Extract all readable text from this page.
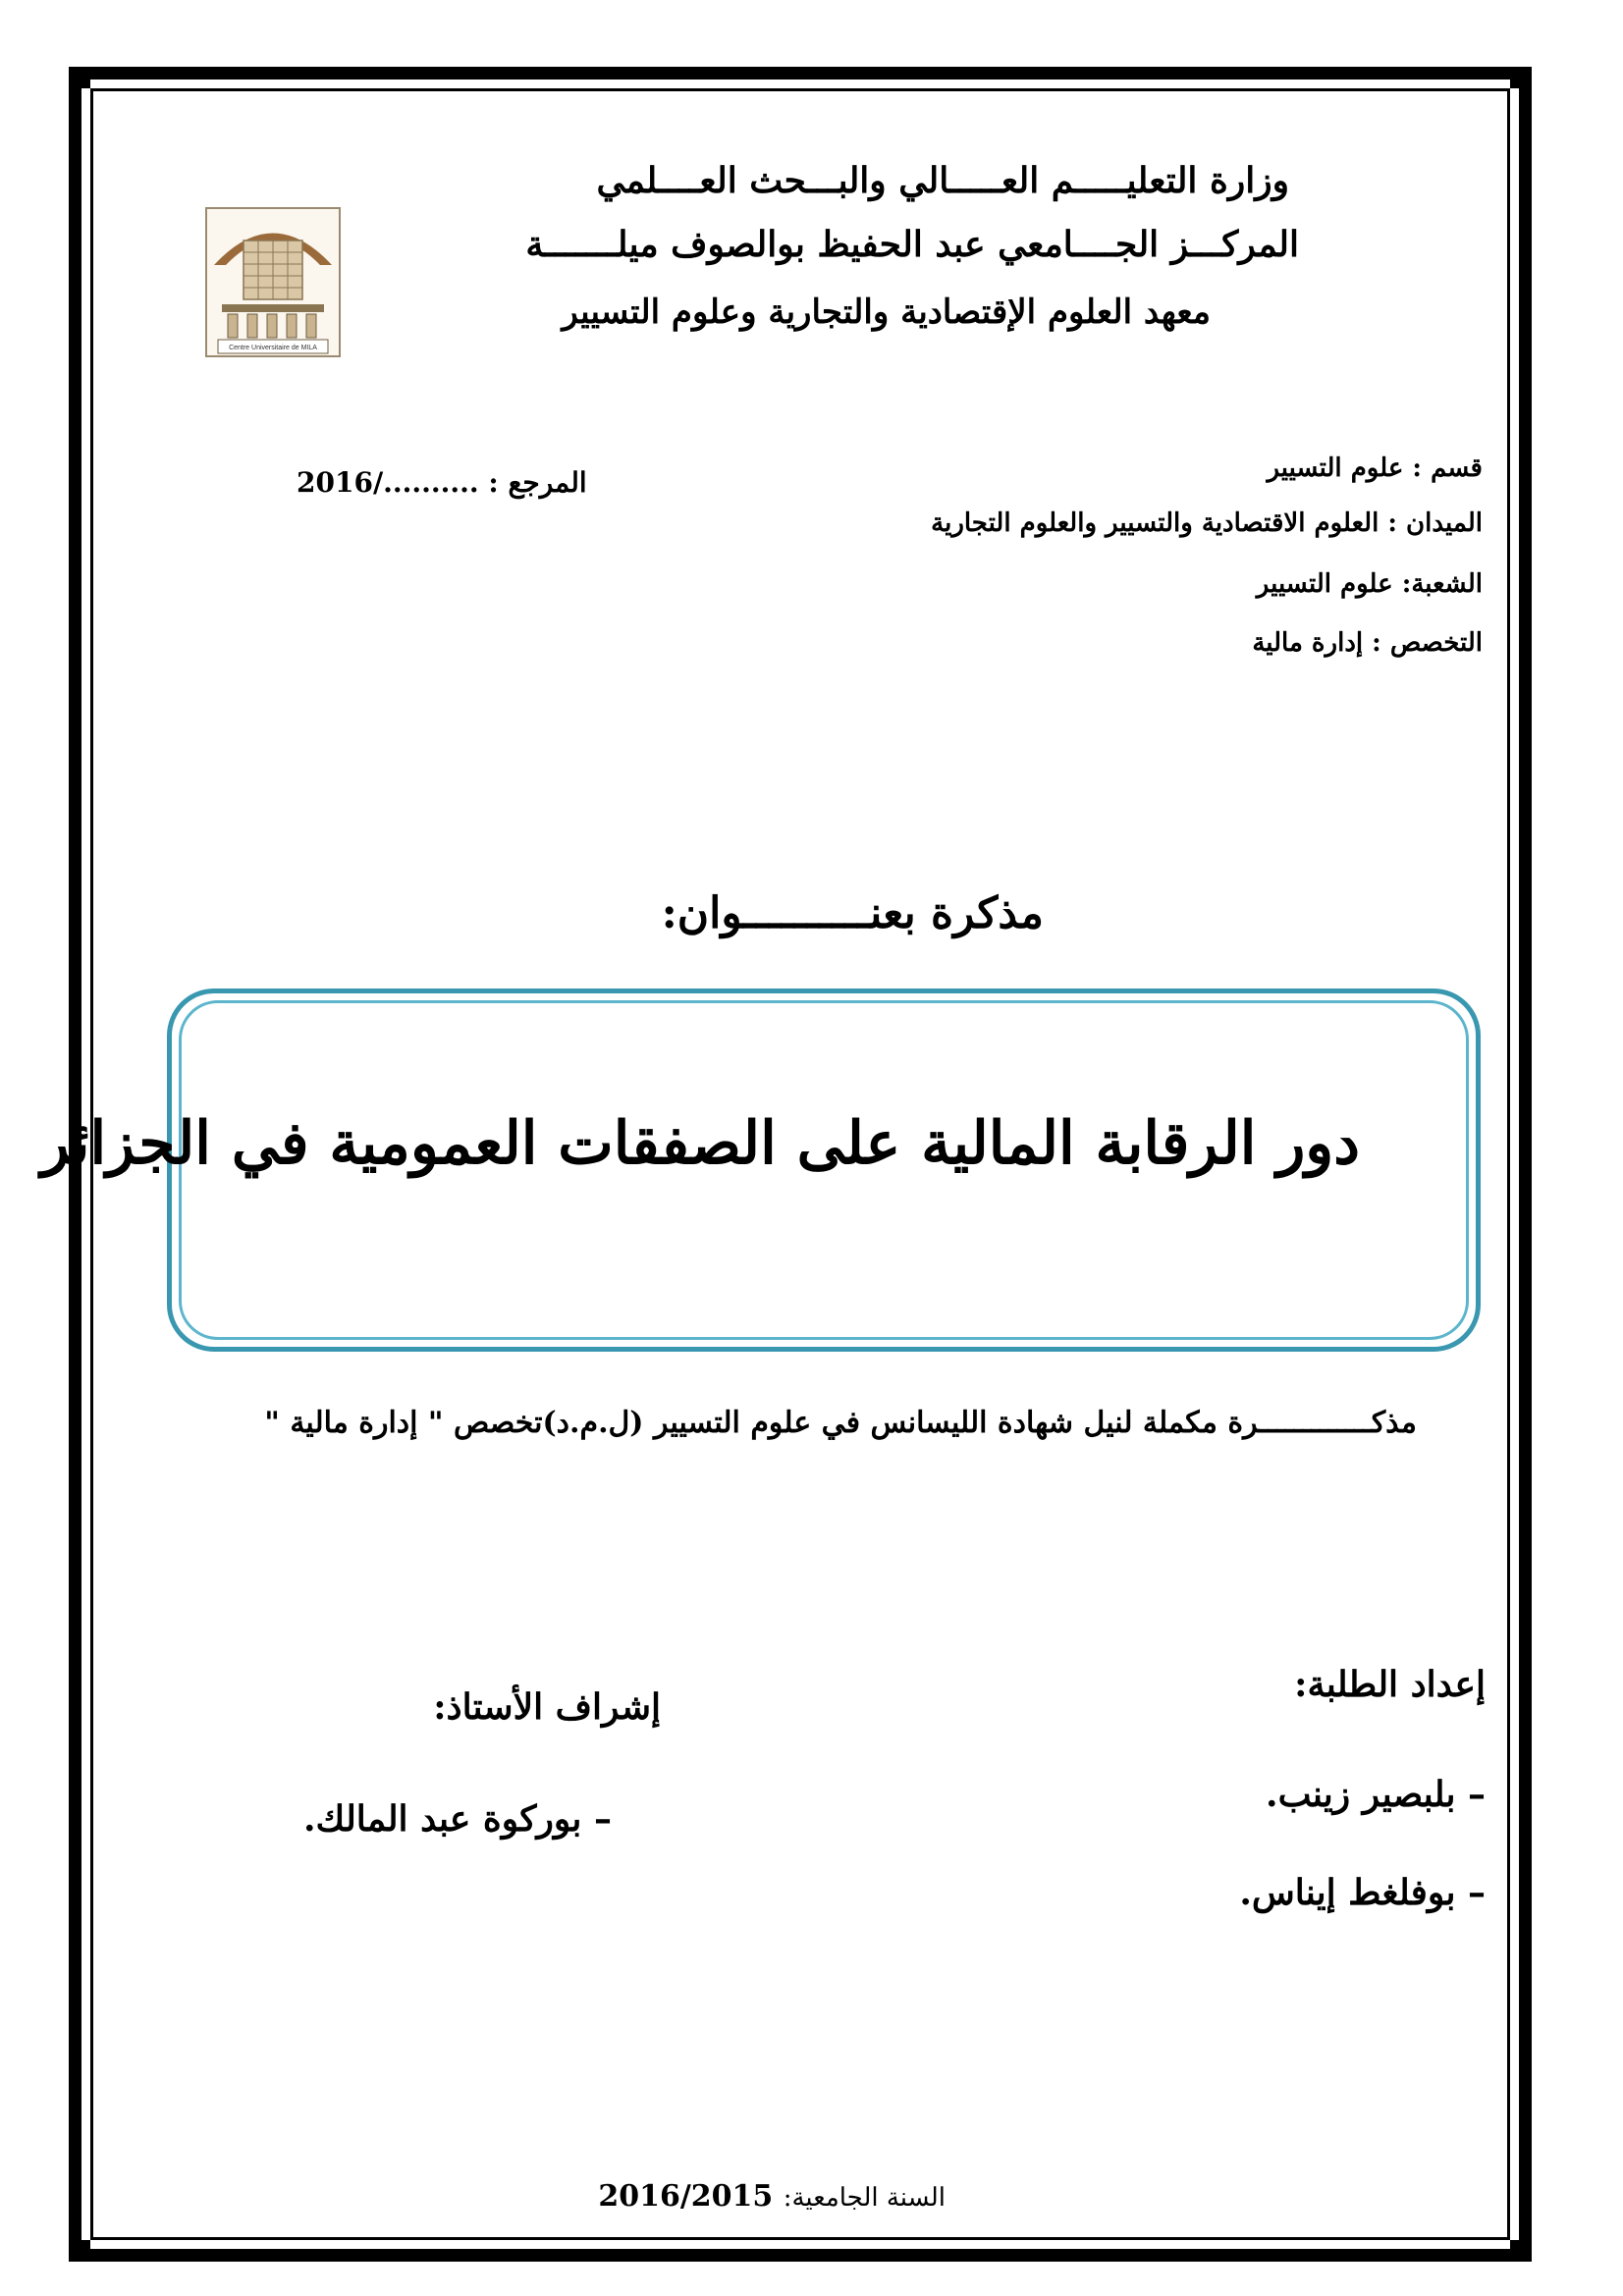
وزارة التعليـــــم العـــــالي والبـــحث العــــلمي
المركـــز الجــــامعي عبد الحفيظ بوالصوف ميلـــــــة
معهد العلوم الإقتصادية والتجارية وعلوم التسيير
Centre Universitaire de MILA
قسم : علوم التسيير
الميدان : العلوم الاقتصادية والتسيير والعلوم التجارية
الشعبة: علوم التسيير
التخصص : إدارة مالية
المرجع : ........../2016
مذكرة بعنــــــــــوان:
دور الرقابة المالية على الصفقات العمومية في الجزائر
مذكـــــــــــــرة مكملة لنيل شهادة الليسانس في علوم التسيير (ل.م.د)تخصص " إدارة مالية "
إعداد الطلبة:
إشراف الأستاذ:
– بلبصير زينب.
– بوفلغط إيناس.
– بوركوة عبد المالك.
السنة الجامعية: 2016/2015
